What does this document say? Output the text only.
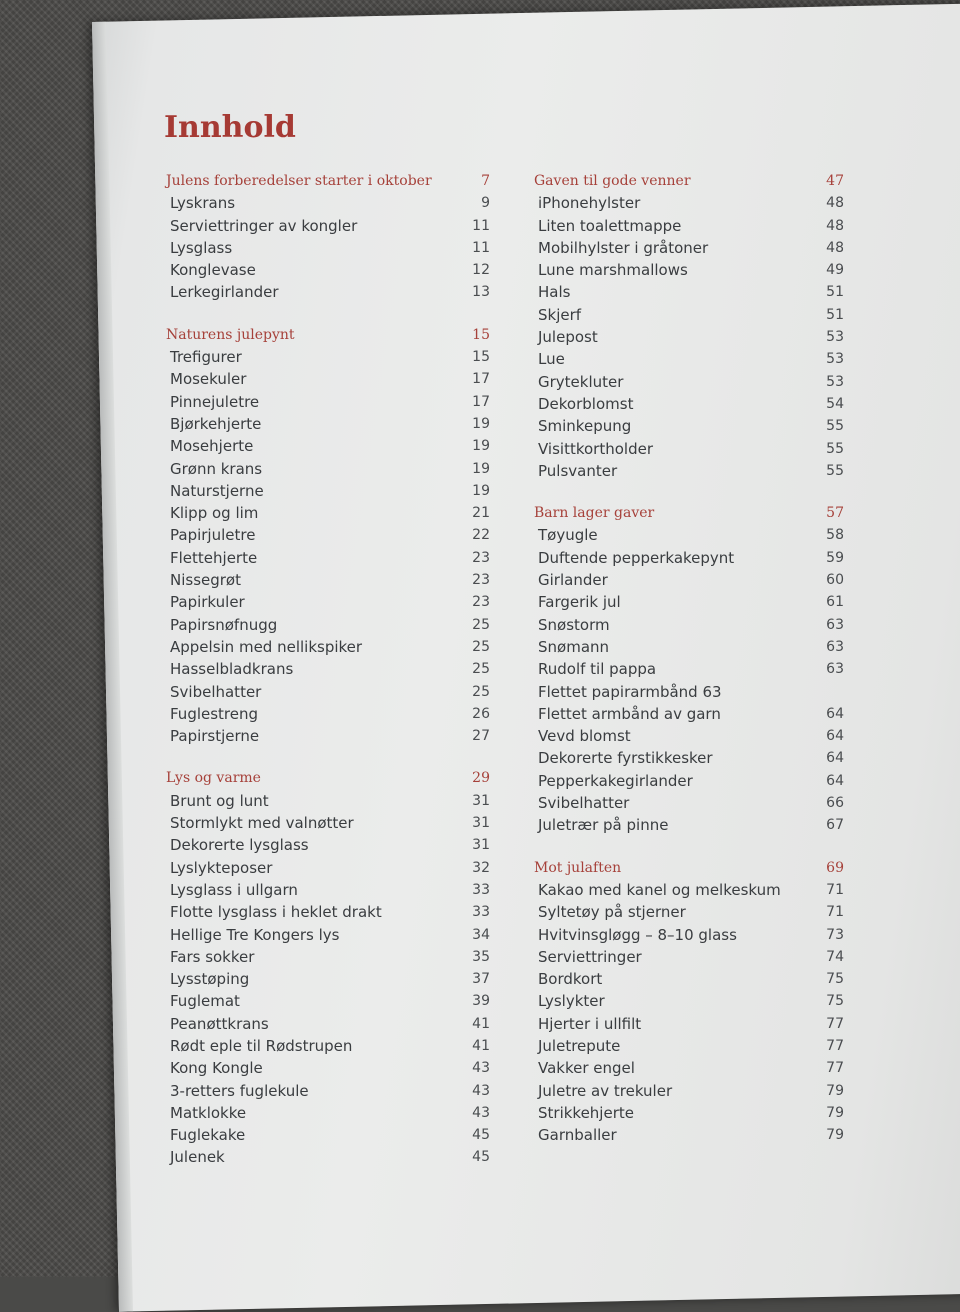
Innhold
Julens forberedelser starter i oktober	7
Lyskrans	9
Serviettringer av kongler	11
Lysglass	11
Konglevase	12
Lerkegirlander	13
Naturens julepynt	15
Trefigurer	15
Mosekuler	17
Pinnejuletre	17
Bjørkehjerte	19
Mosehjerte	19
Grønn krans	19
Naturstjerne	19
Klipp og lim	21
Papirjuletre	22
Flettehjerte	23
Nissegrøt	23
Papirkuler	23
Papirsnøfnugg	25
Appelsin med nellikspiker	25
Hasselbladkrans	25
Svibelhatter	25
Fuglestreng	26
Papirstjerne	27
Lys og varme	29
Brunt og lunt	31
Stormlykt med valnøtter	31
Dekorerte lysglass	31
Lyslykteposer	32
Lysglass i ullgarn	33
Flotte lysglass i heklet drakt	33
Hellige Tre Kongers lys	34
Fars sokker	35
Lysstøping	37
Fuglemat	39
Peanøttkrans	41
Rødt eple til Rødstrupen	41
Kong Kongle	43
3-retters fuglekule	43
Matklokke	43
Fuglekake	45
Julenek	45
Gaven til gode venner	47
iPhonehylster	48
Liten toalettmappe	48
Mobilhylster i gråtoner	48
Lune marshmallows	49
Hals	51
Skjerf	51
Julepost	53
Lue	53
Grytekluter	53
Dekorblomst	54
Sminkepung	55
Visittkortholder	55
Pulsvanter	55
Barn lager gaver	57
Tøyugle	58
Duftende pepperkakepynt	59
Girlander	60
Fargerik jul	61
Snøstorm	63
Snømann	63
Rudolf til pappa	63
Flettet papirarmbånd 63
Flettet armbånd av garn	64
Vevd blomst	64
Dekorerte fyrstikkesker	64
Pepperkakegirlander	64
Svibelhatter	66
Juletrær på pinne	67
Mot julaften	69
Kakao med kanel og melkeskum	71
Syltetøy på stjerner	71
Hvitvinsgløgg – 8–10 glass	73
Serviettringer	74
Bordkort	75
Lyslykter	75
Hjerter i ullfilt	77
Juletrepute	77
Vakker engel	77
Juletre av trekuler	79
Strikkehjerte	79
Garnballer	79
